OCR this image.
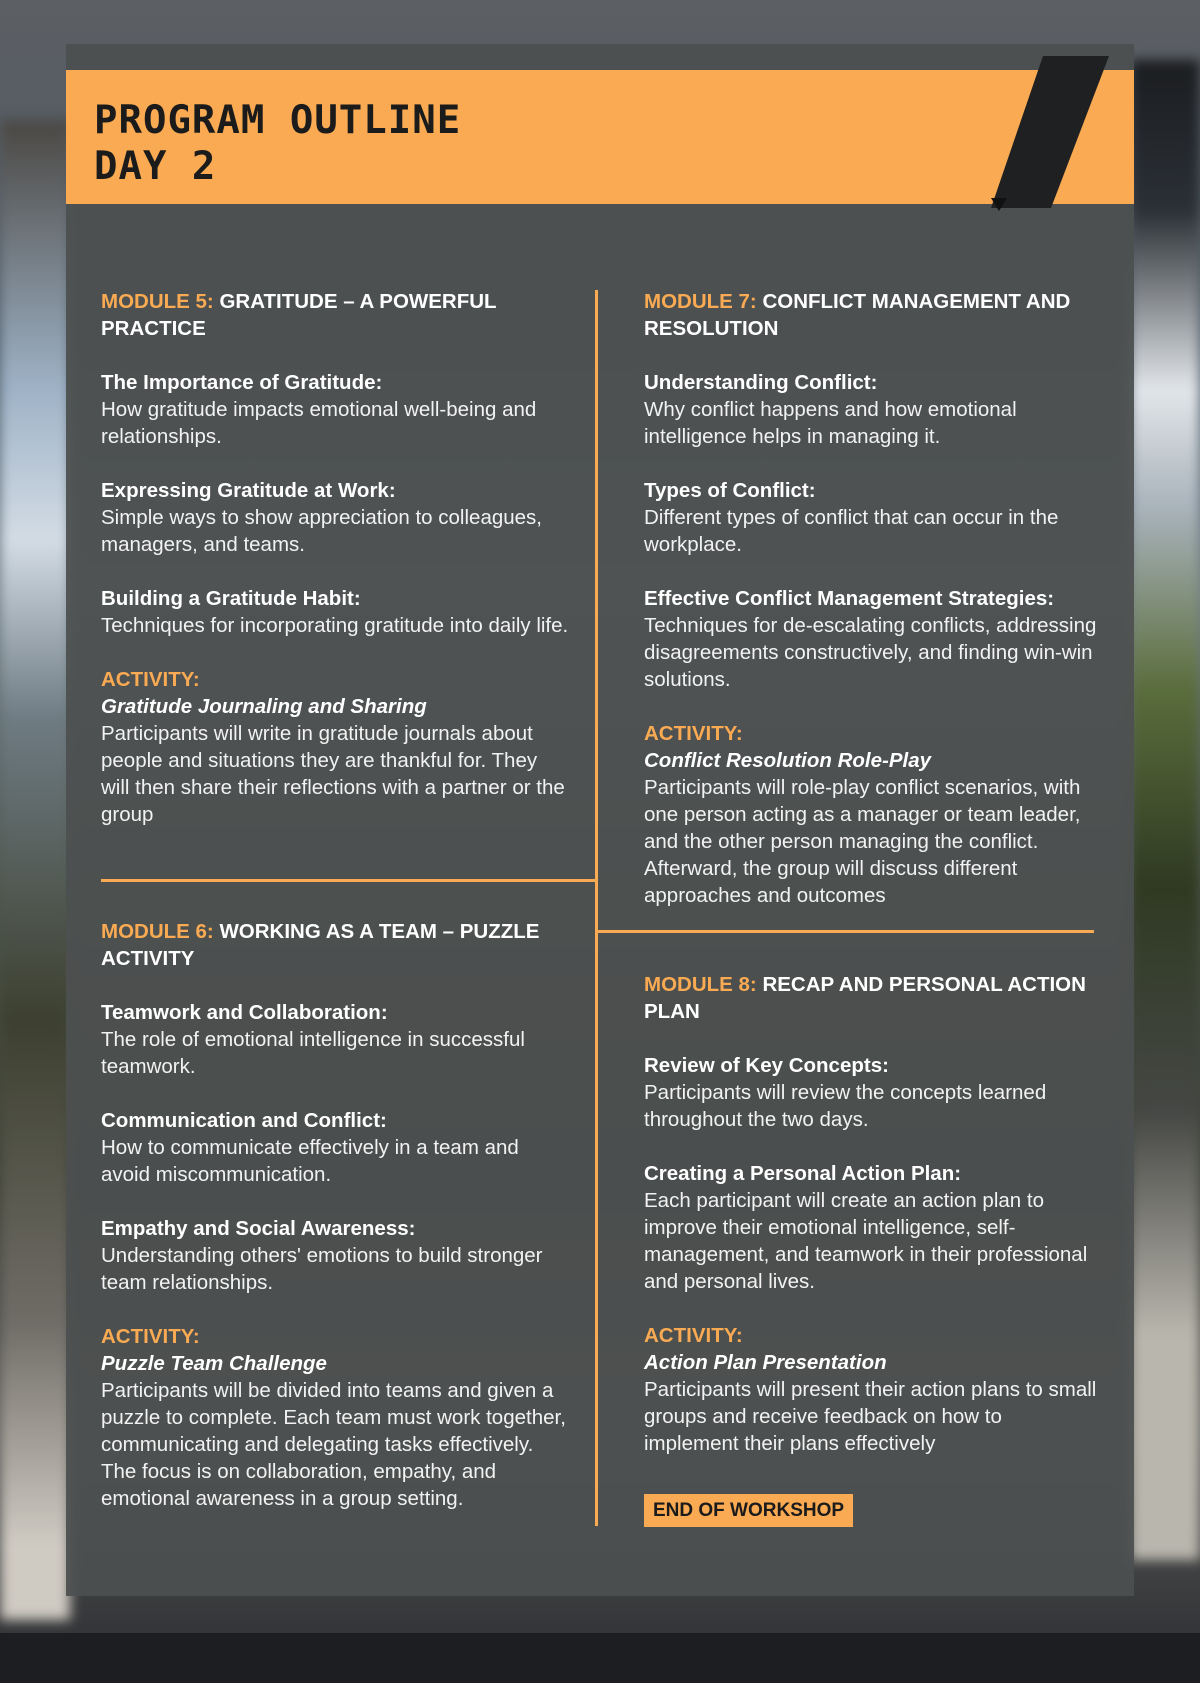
PROGRAM OUTLINE
DAY 2

MODULE 5: GRATITUDE – A POWERFUL PRACTICE

The Importance of Gratitude:
How gratitude impacts emotional well-being and relationships.

Expressing Gratitude at Work:
Simple ways to show appreciation to colleagues, managers, and teams.

Building a Gratitude Habit:
Techniques for incorporating gratitude into daily life.

ACTIVITY:
Gratitude Journaling and Sharing
Participants will write in gratitude journals about people and situations they are thankful for. They will then share their reflections with a partner or the group

MODULE 6: WORKING AS A TEAM – PUZZLE ACTIVITY

Teamwork and Collaboration:
The role of emotional intelligence in successful teamwork.

Communication and Conflict:
How to communicate effectively in a team and avoid miscommunication.

Empathy and Social Awareness:
Understanding others' emotions to build stronger team relationships.

ACTIVITY:
Puzzle Team Challenge
Participants will be divided into teams and given a puzzle to complete. Each team must work together, communicating and delegating tasks effectively. The focus is on collaboration, empathy, and emotional awareness in a group setting.

MODULE 7: CONFLICT MANAGEMENT AND RESOLUTION

Understanding Conflict:
Why conflict happens and how emotional intelligence helps in managing it.

Types of Conflict:
Different types of conflict that can occur in the workplace.

Effective Conflict Management Strategies:
Techniques for de-escalating conflicts, addressing disagreements constructively, and finding win-win solutions.

ACTIVITY:
Conflict Resolution Role-Play
Participants will role-play conflict scenarios, with one person acting as a manager or team leader, and the other person managing the conflict. Afterward, the group will discuss different approaches and outcomes

MODULE 8: RECAP AND PERSONAL ACTION PLAN

Review of Key Concepts:
Participants will review the concepts learned throughout the two days.

Creating a Personal Action Plan:
Each participant will create an action plan to improve their emotional intelligence, self-management, and teamwork in their professional and personal lives.

ACTIVITY:
Action Plan Presentation
Participants will present their action plans to small groups and receive feedback on how to implement their plans effectively

END OF WORKSHOP
